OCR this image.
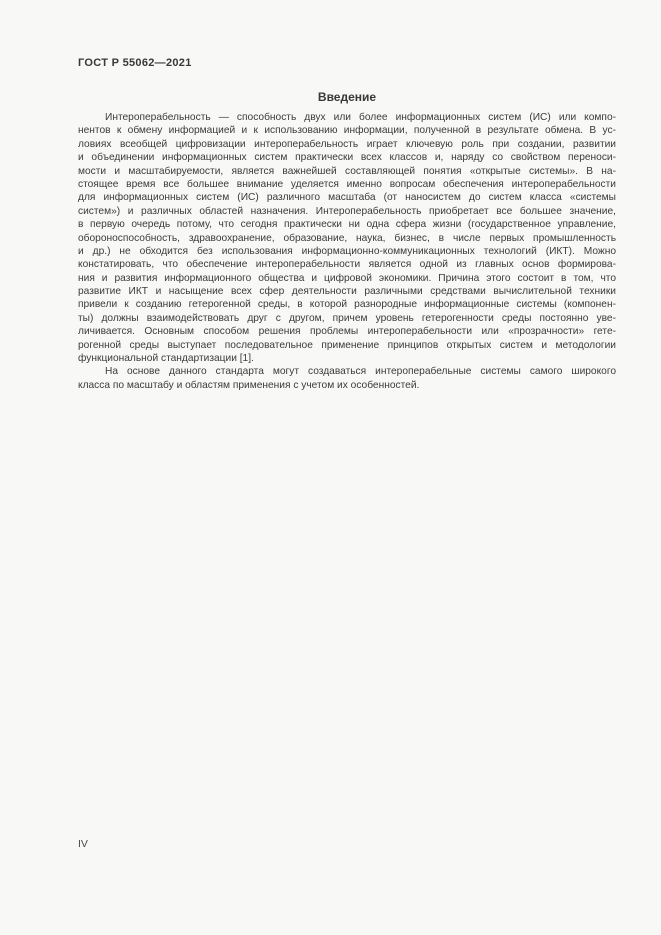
ГОСТ Р 55062—2021
Введение
Интероперабельность — способность двух или более информационных систем (ИС) или компо-
нентов к обмену информацией и к использованию информации, полученной в результате обмена. В ус-
ловиях всеобщей цифровизации интероперабельность играет ключевую роль при создании, развитии
и объединении информационных систем практически всех классов и, наряду со свойством переноси-
мости и масштабируемости, является важнейшей составляющей понятия «открытые системы». В на-
стоящее время все большее внимание уделяется именно вопросам обеспечения интероперабельности
для информационных систем (ИС) различного масштаба (от наносистем до систем класса «системы
систем») и различных областей назначения. Интероперабельность приобретает все большее значение,
в первую очередь потому, что сегодня практически ни одна сфера жизни (государственное управление,
обороноспособность, здравоохранение, образование, наука, бизнес, в числе первых промышленность
и др.) не обходится без использования информационно-коммуникационных технологий (ИКТ). Можно
констатировать, что обеспечение интероперабельности является одной из главных основ формирова-
ния и развития информационного общества и цифровой экономики. Причина этого состоит в том, что
развитие ИКТ и насыщение всех сфер деятельности различными средствами вычислительной техники
привели к созданию гетерогенной среды, в которой разнородные информационные системы (компонен-
ты) должны взаимодействовать друг с другом, причем уровень гетерогенности среды постоянно уве-
личивается. Основным способом решения проблемы интероперабельности или «прозрачности» гете-
рогенной среды выступает последовательное применение принципов открытых систем и методологии
функциональной стандартизации [1].
На основе данного стандарта могут создаваться интероперабельные системы самого широкого
класса по масштабу и областям применения с учетом их особенностей.
IV
